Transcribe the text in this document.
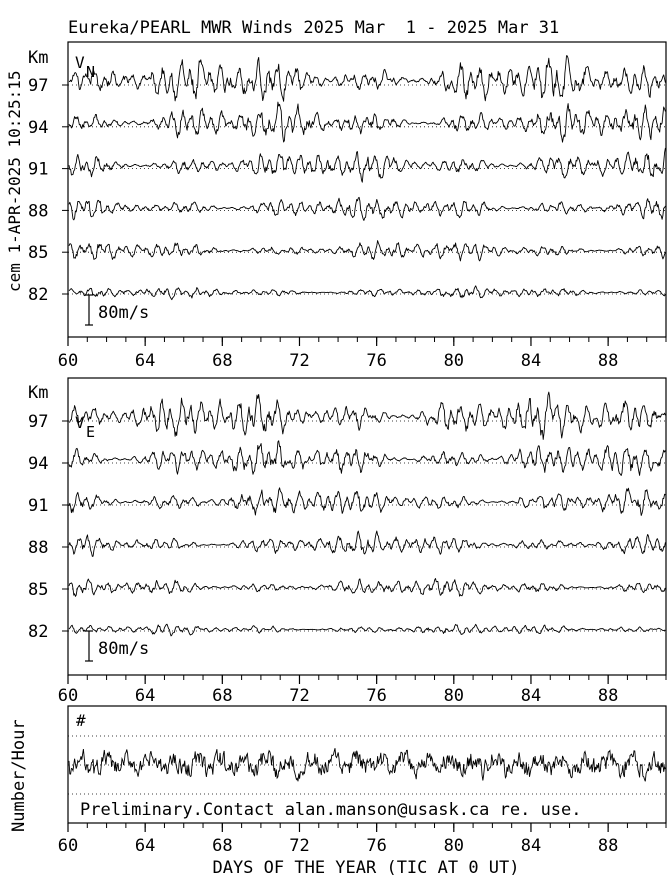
Eureka/PEARL MWR Winds 2025 Mar  1 - 2025 Mar 31
cem 1-APR-2025 10:25:15
Km V N
82
85
88
91
94
97
80m/s
60	64	68	72	76	80	84	88
Km
V E
82
85
88
91
94
97
80m/s
60	64	68	72	76	80	84	88
#
Number/Hour	Preliminary.Contact alan.manson@usask.ca re. use.
60	64	68	72	76	80	84	88
DAYS OF THE YEAR (TIC AT 0 UT)
